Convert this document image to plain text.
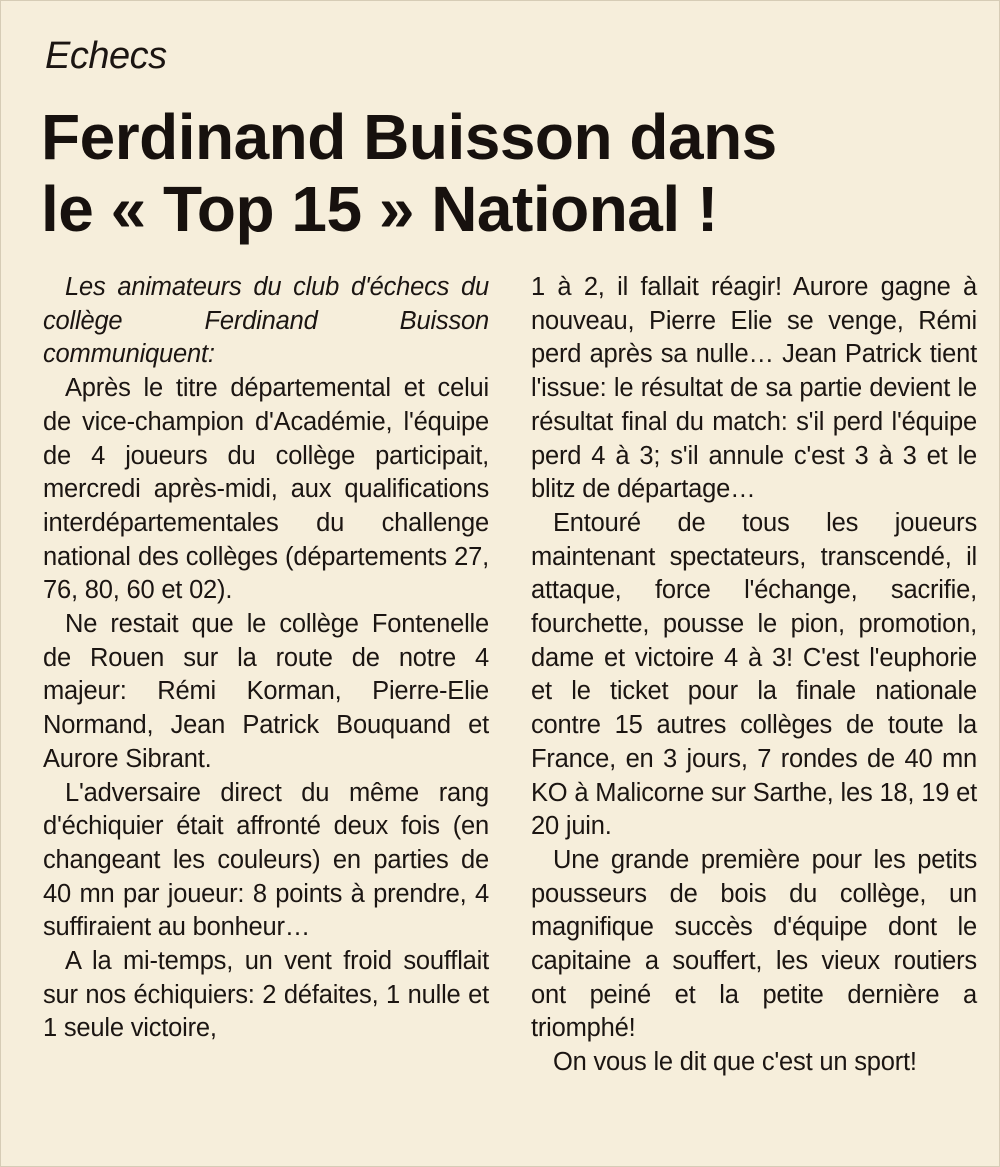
Echecs
Ferdinand Buisson dans
le « Top 15 » National !

Les animateurs du club d'échecs du collège Ferdinand Buisson communiquent:

Après le titre départemental et celui de vice-champion d'Académie, l'équipe de 4 joueurs du collège participait, mercredi après-midi, aux qualifications interdépartementales du challenge national des collèges (départements 27, 76, 80, 60 et 02).

Ne restait que le collège Fontenelle de Rouen sur la route de notre 4 majeur: Rémi Korman, Pierre-Elie Normand, Jean Patrick Bouquand et Aurore Sibrant.

L'adversaire direct du même rang d'échiquier était affronté deux fois (en changeant les couleurs) en parties de 40 mn par joueur: 8 points à prendre, 4 suffiraient au bonheur…

A la mi-temps, un vent froid soufflait sur nos échiquiers: 2 défaites, 1 nulle et 1 seule victoire,

1 à 2, il fallait réagir! Aurore gagne à nouveau, Pierre Elie se venge, Rémi perd après sa nulle… Jean Patrick tient l'issue: le résultat de sa partie devient le résultat final du match: s'il perd l'équipe perd 4 à 3; s'il annule c'est 3 à 3 et le blitz de départage…

Entouré de tous les joueurs maintenant spectateurs, transcendé, il attaque, force l'échange, sacrifie, fourchette, pousse le pion, promotion, dame et victoire 4 à 3! C'est l'euphorie et le ticket pour la finale nationale contre 15 autres collèges de toute la France, en 3 jours, 7 rondes de 40 mn KO à Malicorne sur Sarthe, les 18, 19 et 20 juin.

Une grande première pour les petits pousseurs de bois du collège, un magnifique succès d'équipe dont le capitaine a souffert, les vieux routiers ont peiné et la petite dernière a triomphé!

On vous le dit que c'est un sport!
